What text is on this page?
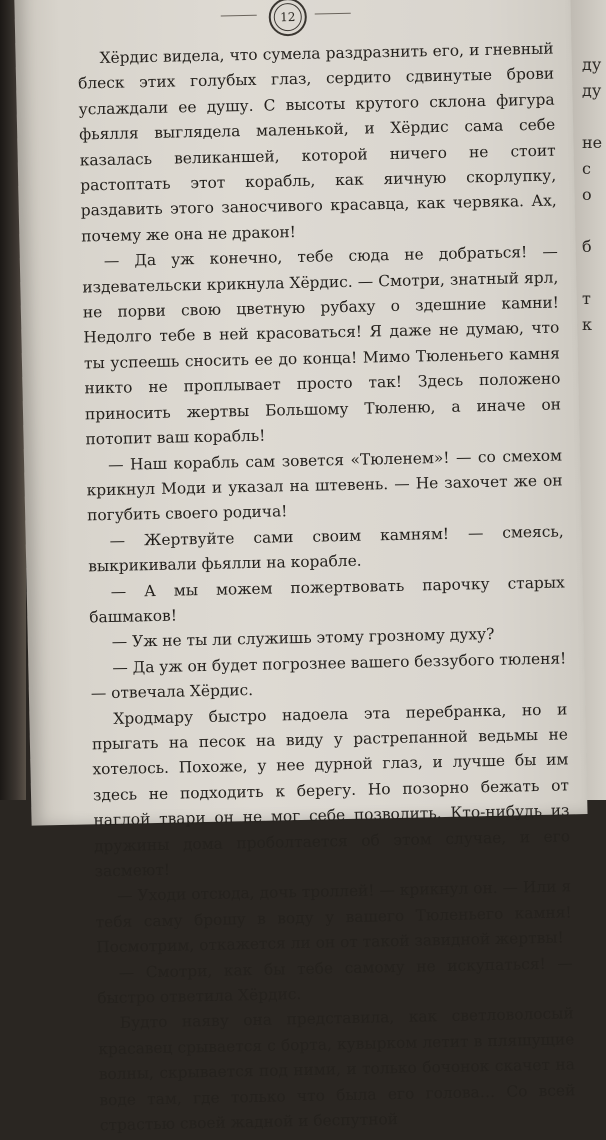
ду
ду

не
с
о

б

т
к
12

Хёрдис видела, что сумела раздразнить его, и гневный блеск этих голубых глаз, сердито сдвинутые брови услаждали ее душу. С высоты крутого склона фигура фьялля выглядела маленькой, и Хёрдис сама себе казалась великаншей, которой ничего не стоит растоптать этот корабль, как яичную скорлупку, раздавить этого заносчивого красавца, как червяка. Ах, почему же она не дракон!

— Да уж конечно, тебе сюда не добраться! — издевательски крикнула Хёрдис. — Смотри, знатный ярл, не порви свою цветную рубаху о здешние камни! Недолго тебе в ней красоваться! Я даже не думаю, что ты успеешь сносить ее до конца! Мимо Тюленьего камня никто не проплывает просто так! Здесь положено приносить жертвы Большому Тюленю, а иначе он потопит ваш корабль!

— Наш корабль сам зовется «Тюленем»! — со смехом крикнул Моди и указал на штевень. — Не захочет же он погубить своего родича!

— Жертвуйте сами своим камням! — смеясь, выкрикивали фьялли на корабле.

— А мы можем пожертвовать парочку старых башмаков!

— Уж не ты ли служишь этому грозному духу?

— Да уж он будет погрознее вашего беззубого тюленя! — отвечала Хёрдис.

Хродмару быстро надоела эта перебранка, но и прыгать на песок на виду у растрепанной ведьмы не хотелось. Похоже, у нее дурной глаз, и лучше бы им здесь не подходить к берегу. Но позорно бежать от наглой твари он не мог себе позволить. Кто-нибудь из дружины дома проболтается об этом случае, и его засмеют!

— Уходи отсюда, дочь троллей! — крикнул он. — Или я тебя саму брошу в воду у вашего Тюленьего камня! Посмотрим, откажется ли он от такой завидной жертвы!

— Смотри, как бы тебе самому не искупаться! — быстро ответила Хёрдис.

Будто наяву она представила, как светловолосый красавец срывается с борта, кувырком летит в пляшущие волны, скрывается под ними, и только бочонок скачет на воде там, где только что была его голова… Со всей страстью своей жадной и беспутной
